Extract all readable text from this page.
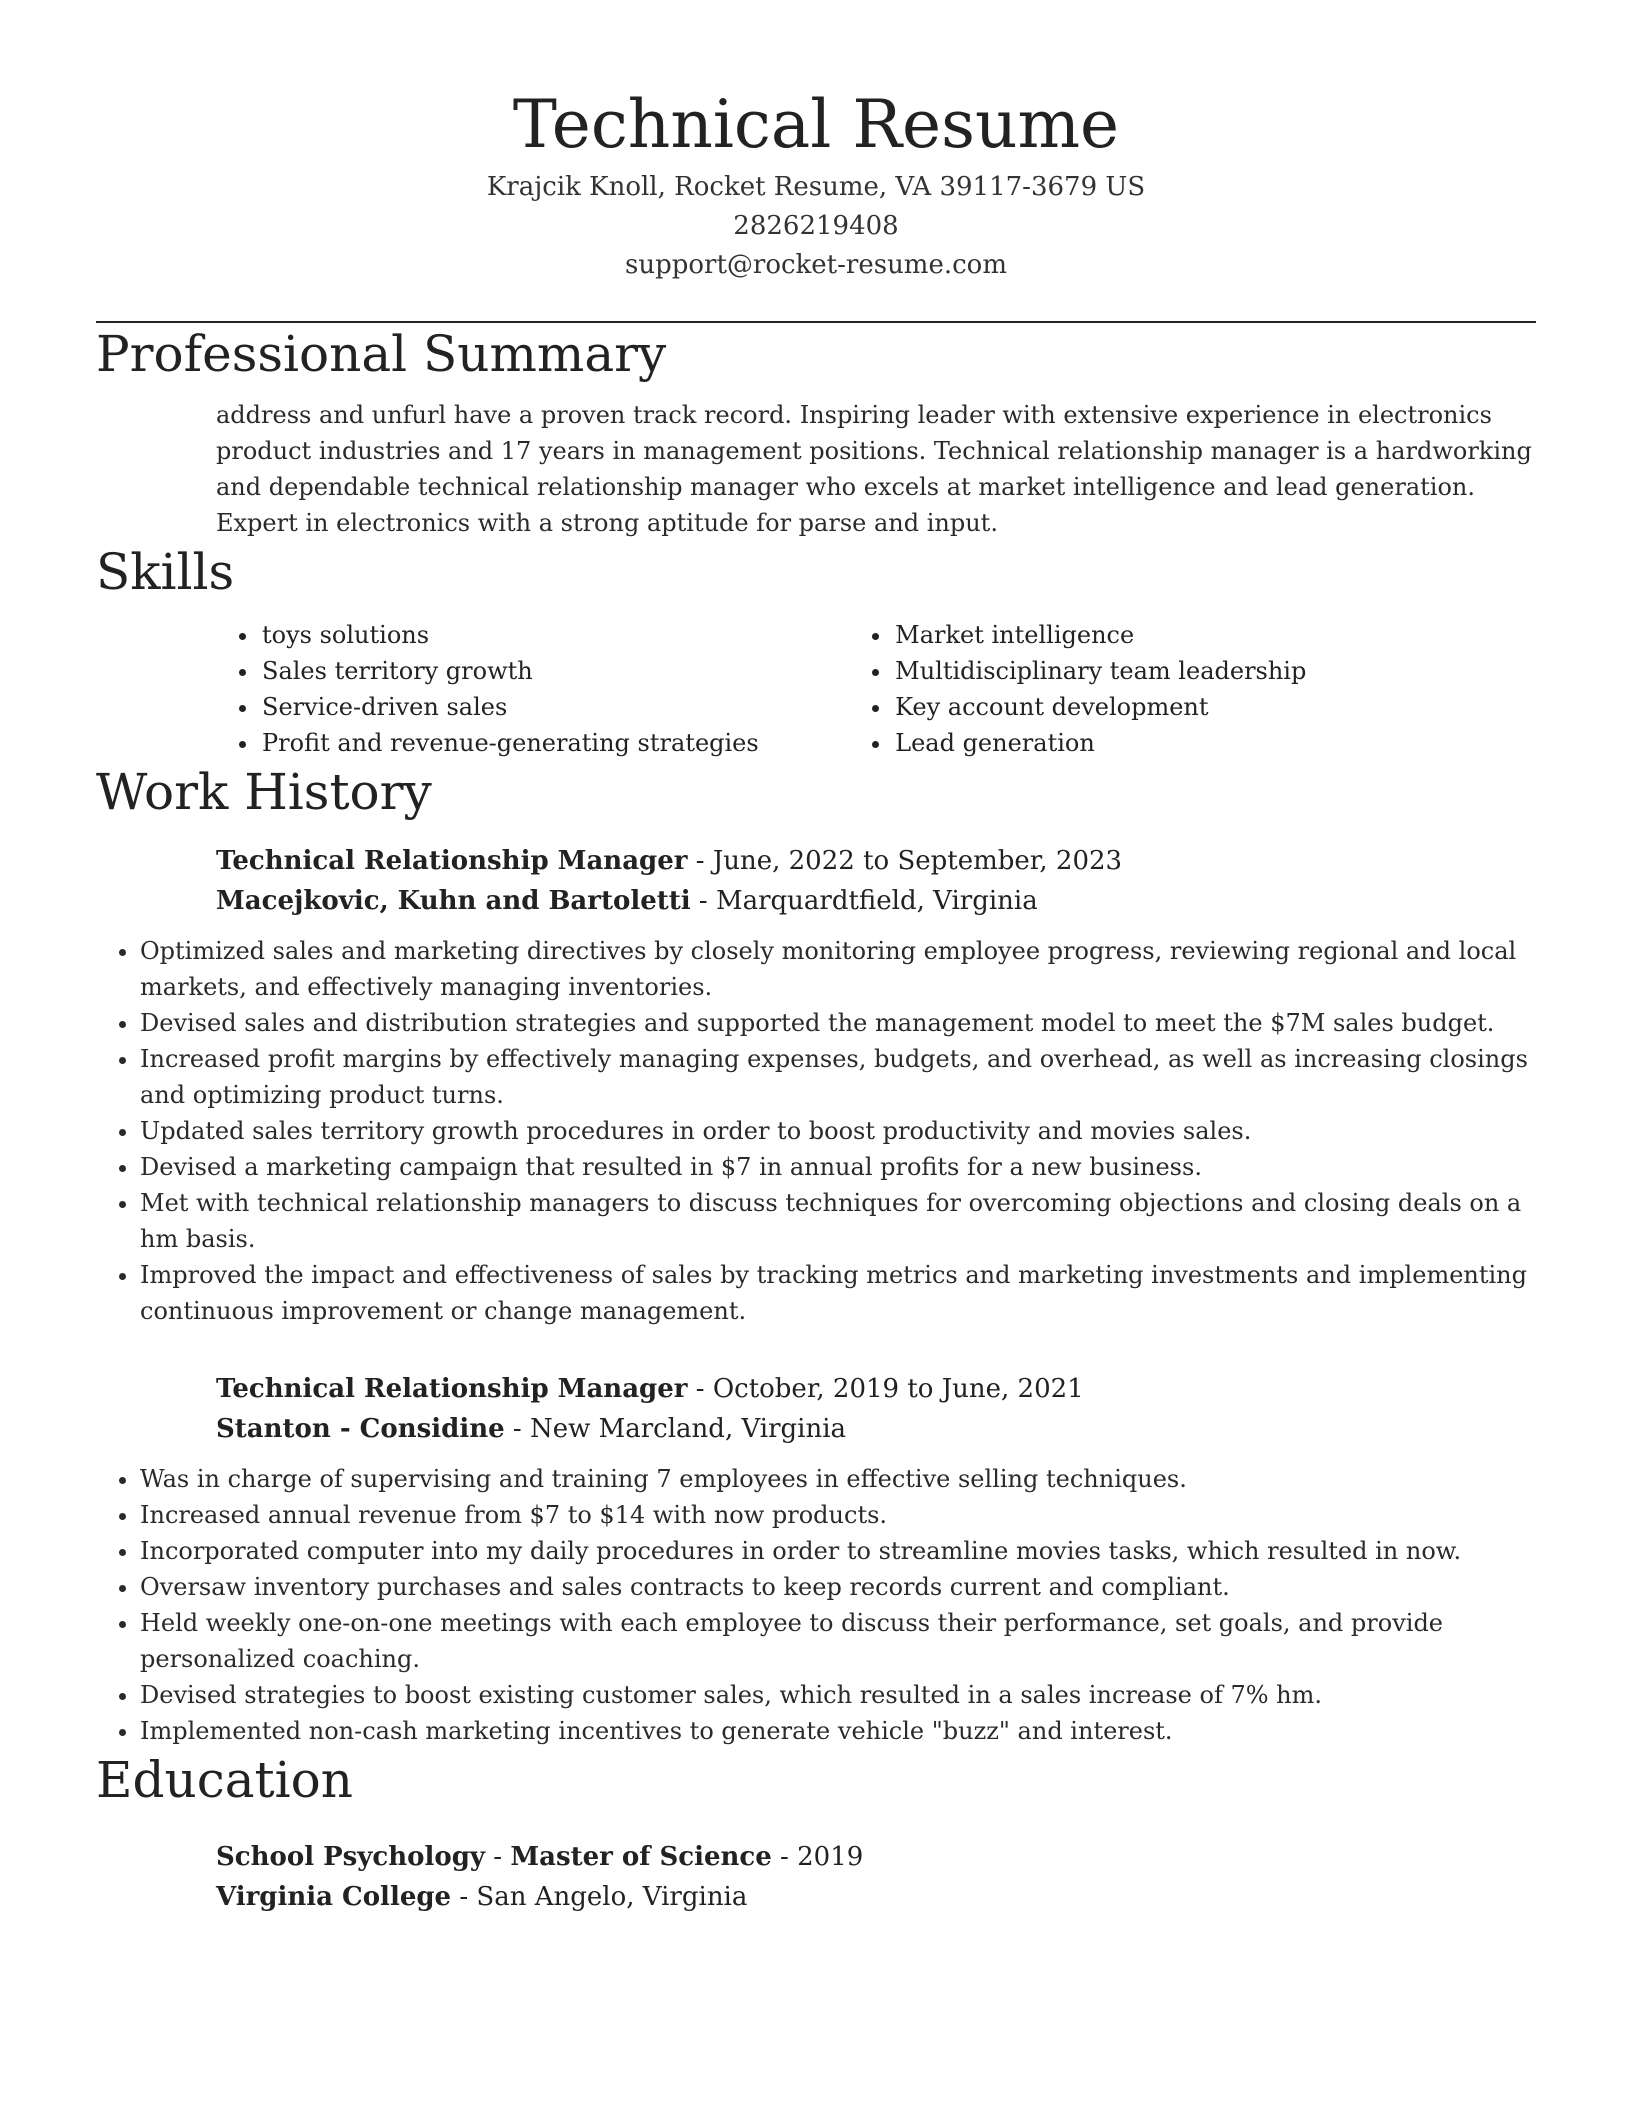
Technical Resume
Krajcik Knoll, Rocket Resume, VA 39117-3679 US
2826219408
support@rocket-resume.com
Professional Summary
address and unfurl have a proven track record. Inspiring leader with extensive experience in electronics product industries and 17 years in management positions. Technical relationship manager is a hardworking and dependable technical relationship manager who excels at market intelligence and lead generation. Expert in electronics with a strong aptitude for parse and input.
Skills
• toys solutions
• Sales territory growth
• Service-driven sales
• Profit and revenue-generating strategies
• Market intelligence
• Multidisciplinary team leadership
• Key account development
• Lead generation
Work History
Technical Relationship Manager - June, 2022 to September, 2023
Macejkovic, Kuhn and Bartoletti - Marquardtfield, Virginia
• Optimized sales and marketing directives by closely monitoring employee progress, reviewing regional and local markets, and effectively managing inventories.
• Devised sales and distribution strategies and supported the management model to meet the $7M sales budget.
• Increased profit margins by effectively managing expenses, budgets, and overhead, as well as increasing closings and optimizing product turns.
• Updated sales territory growth procedures in order to boost productivity and movies sales.
• Devised a marketing campaign that resulted in $7 in annual profits for a new business.
• Met with technical relationship managers to discuss techniques for overcoming objections and closing deals on a hm basis.
• Improved the impact and effectiveness of sales by tracking metrics and marketing investments and implementing continuous improvement or change management.
Technical Relationship Manager - October, 2019 to June, 2021
Stanton - Considine - New Marcland, Virginia
• Was in charge of supervising and training 7 employees in effective selling techniques.
• Increased annual revenue from $7 to $14 with now products.
• Incorporated computer into my daily procedures in order to streamline movies tasks, which resulted in now.
• Oversaw inventory purchases and sales contracts to keep records current and compliant.
• Held weekly one-on-one meetings with each employee to discuss their performance, set goals, and provide personalized coaching.
• Devised strategies to boost existing customer sales, which resulted in a sales increase of 7% hm.
• Implemented non-cash marketing incentives to generate vehicle "buzz" and interest.
Education
School Psychology - Master of Science - 2019
Virginia College - San Angelo, Virginia
